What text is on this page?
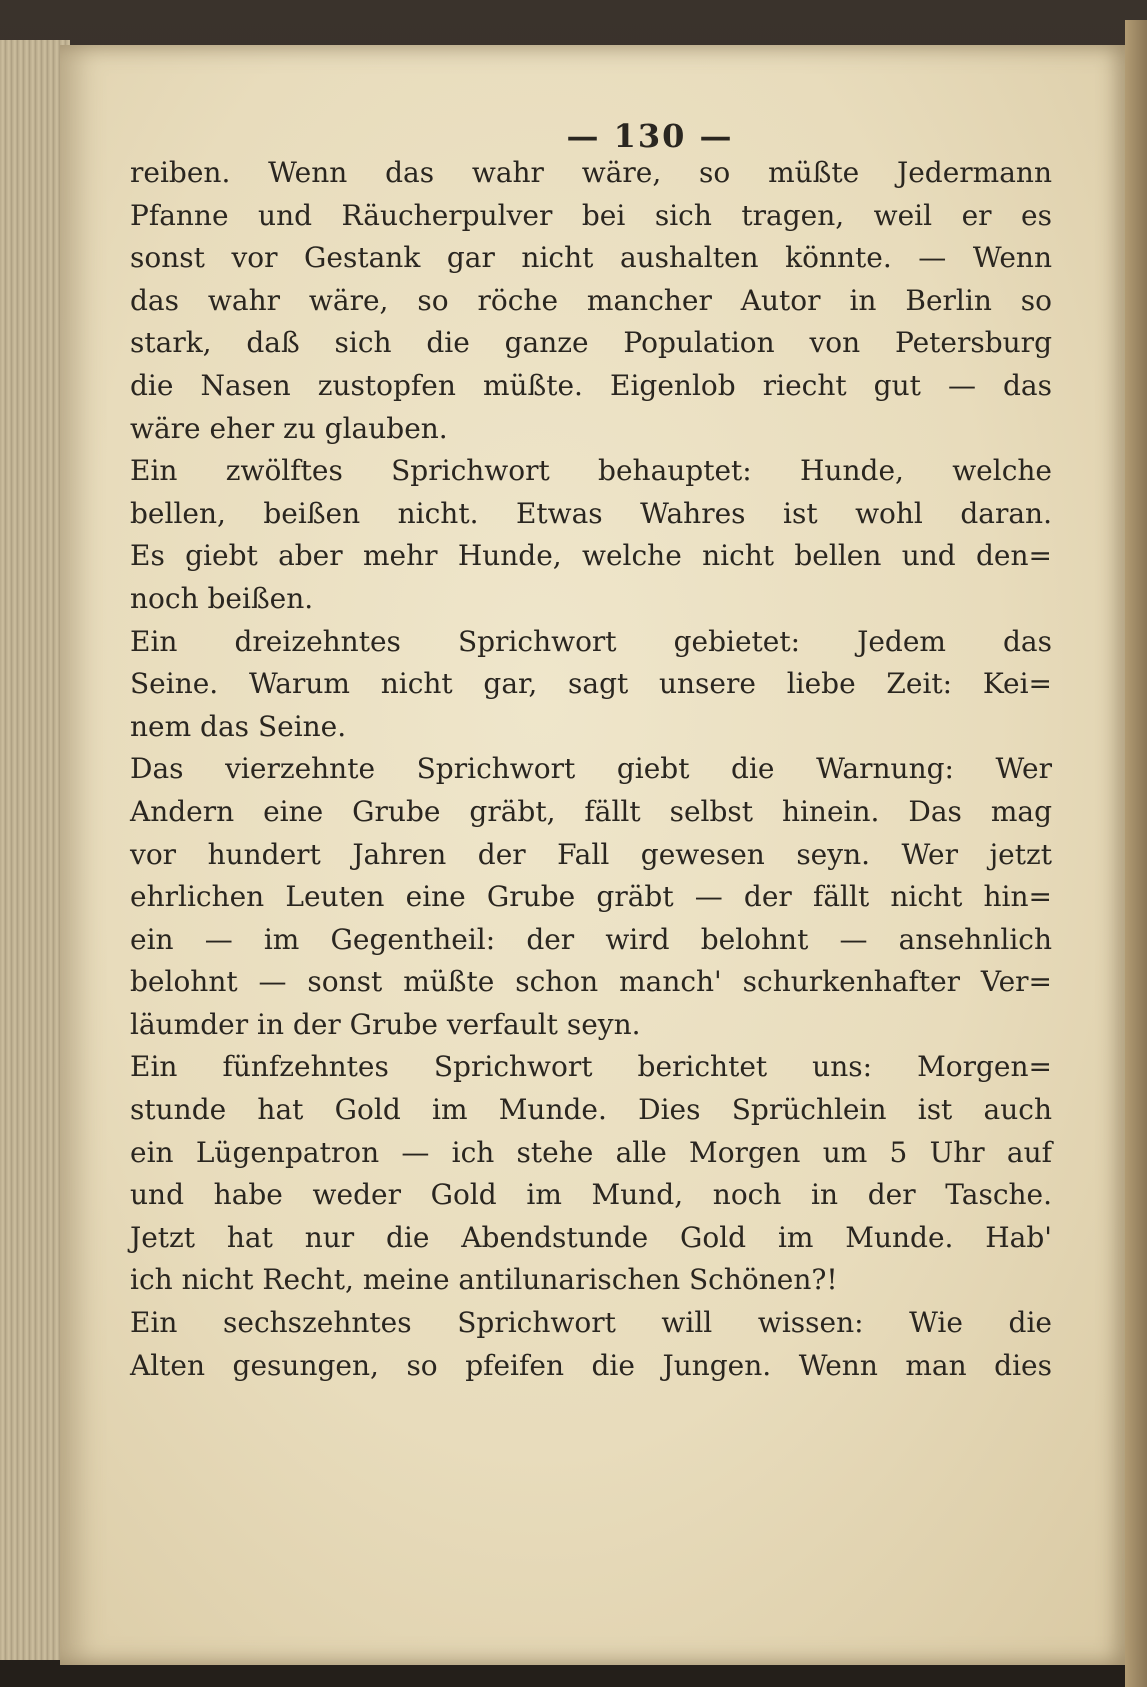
— 130 —
reiben. Wenn das wahr wäre, so müßte Jedermann
Pfanne und Räucherpulver bei sich tragen, weil er es
sonst vor Gestank gar nicht aushalten könnte. — Wenn
das wahr wäre, so röche mancher Autor in Berlin so
stark, daß sich die ganze Population von Petersburg
die Nasen zustopfen müßte. Eigenlob riecht gut — das
wäre eher zu glauben.
Ein zwölftes Sprichwort behauptet: Hunde, welche
bellen, beißen nicht. Etwas Wahres ist wohl daran.
Es giebt aber mehr Hunde, welche nicht bellen und den=
noch beißen.
Ein dreizehntes Sprichwort gebietet: Jedem das
Seine. Warum nicht gar, sagt unsere liebe Zeit: Kei=
nem das Seine.
Das vierzehnte Sprichwort giebt die Warnung: Wer
Andern eine Grube gräbt, fällt selbst hinein. Das mag
vor hundert Jahren der Fall gewesen seyn. Wer jetzt
ehrlichen Leuten eine Grube gräbt — der fällt nicht hin=
ein — im Gegentheil: der wird belohnt — ansehnlich
belohnt — sonst müßte schon manch' schurkenhafter Ver=
läumder in der Grube verfault seyn.
Ein fünfzehntes Sprichwort berichtet uns: Morgen=
stunde hat Gold im Munde. Dies Sprüchlein ist auch
ein Lügenpatron — ich stehe alle Morgen um 5 Uhr auf
und habe weder Gold im Mund, noch in der Tasche.
Jetzt hat nur die Abendstunde Gold im Munde. Hab'
ich nicht Recht, meine antilunarischen Schönen?!
Ein sechszehntes Sprichwort will wissen: Wie die
Alten gesungen, so pfeifen die Jungen. Wenn man dies
